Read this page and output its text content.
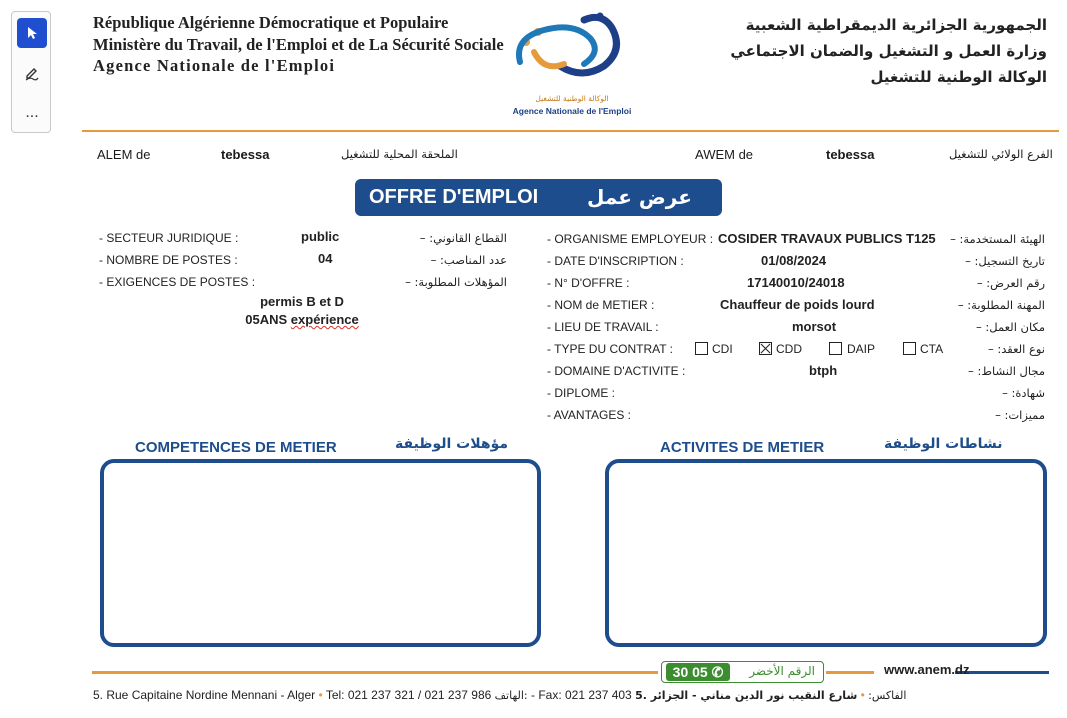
...
République Algérienne Démocratique et Populaire
Ministère du Travail, de l'Emploi et de La Sécurité Sociale
Agence Nationale de l'Emploi
الوكالة الوطنية للتشغيل
Agence Nationale de l'Emploi
الجمهورية الجزائرية الديمقراطية الشعبية
وزارة العمل و التشغيل والضمان الاجتماعي
الوكالة الوطنية للتشغيل
ALEM de	tebessa	الملحقة المحلية للتشغيل	AWEM de	tebessa	الفرع الولائي للتشغيل
OFFRE D'EMPLOI عرض عمل
- SECTEUR JURIDIQUE :	public	القطاع القانوني: –
- NOMBRE DE POSTES :	04	عدد المناصب: –
- EXIGENCES DE POSTES :	المؤهلات المطلوبة: –
permis B et D
05ANS expérience
- ORGANISME EMPLOYEUR : COSIDER TRAVAUX PUBLICS T125 الهيئة المستخدمة: –
- DATE D'INSCRIPTION :	01/08/2024	تاريخ التسجيل: –
- N° D'OFFRE :	17140010/24018	رقم العرض: –
- NOM de METIER :	Chauffeur de poids lourd	المهنة المطلوبة: –
- LIEU DE TRAVAIL :	morsot	مكان العمل: –
- TYPE DU CONTRAT :	CDI	CDD	DAIP	CTA	نوع العقد: –
- DOMAINE D'ACTIVITE :	btph	مجال النشاط: –
- DIPLOME :	شهادة: –
- AVANTAGES :	مميزات: –
COMPETENCES DE METIER	مؤهلات الوظيفة	ACTIVITES DE METIER	نشاطات الوظيفة
30 05 ✆	الرقم الأخضر	www.anem.dz
5. Rue Capitaine Nordine Mennani - Alger • Tel: 021 237 321 / 021 237 986 الهاتف: - Fax: 021 237 403	الفاكس: • شارع النقيب نور الدين مناني - الجزائر .5
